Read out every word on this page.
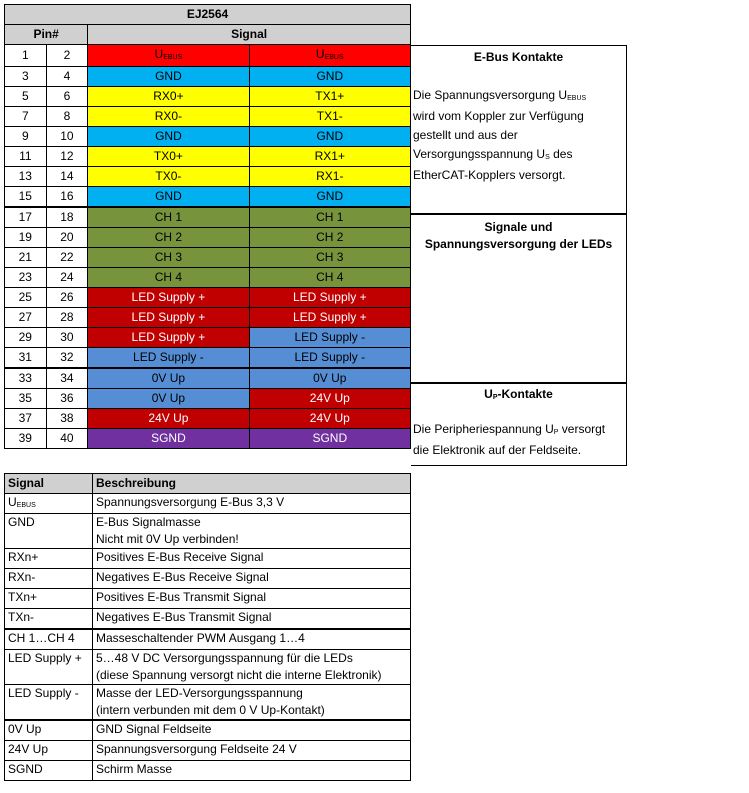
EJ2564			
Pin#		Signal	
1	2	UEBUS	UEBUS
3	4	GND	GND
5	6	RX0+	TX1+
7	8	RX0-	TX1-
9	10	GND	GND
11	12	TX0+	RX1+
13	14	TX0-	RX1-
15	16	GND	GND
17	18	CH 1	CH 1
19	20	CH 2	CH 2
21	22	CH 3	CH 3
23	24	CH 4	CH 4
25	26	LED Supply +	LED Supply +
27	28	LED Supply +	LED Supply +
29	30	LED Supply +	LED Supply -
31	32	LED Supply -	LED Supply -
33	34	0V Up	0V Up
35	36	0V Up	24V Up
37	38	24V Up	24V Up
39	40	SGND	SGND
E-Bus Kontakte
Die Spannungsversorgung UEBUS
wird vom Koppler zur Verfügung
gestellt und aus der
Versorgungsspannung US des
EtherCAT-Kopplers versorgt.
Signale und
Spannungsversorgung der LEDs
UP-Kontakte
Die Peripheriespannung UP versorgt
die Elektronik auf der Feldseite.
Signal	Beschreibung
UEBUS	Spannungsversorgung E-Bus 3,3 V

GND	E-Bus Signalmasse
Nicht mit 0V Up verbinden!

RXn+	Positives E-Bus Receive Signal

RXn-	Negatives E-Bus Receive Signal

TXn+	Positives E-Bus Transmit Signal

TXn-	Negatives E-Bus Transmit Signal

CH 1…CH 4	Masseschaltender PWM Ausgang 1…4

LED Supply +	5…48 V DC Versorgungsspannung für die LEDs
(diese Spannung versorgt nicht die interne Elektronik)

LED Supply -	Masse der LED-Versorgungsspannung
(intern verbunden mit dem 0 V Up-Kontakt)

0V Up	GND Signal Feldseite

24V Up	Spannungsversorgung Feldseite 24 V

SGND	Schirm Masse
